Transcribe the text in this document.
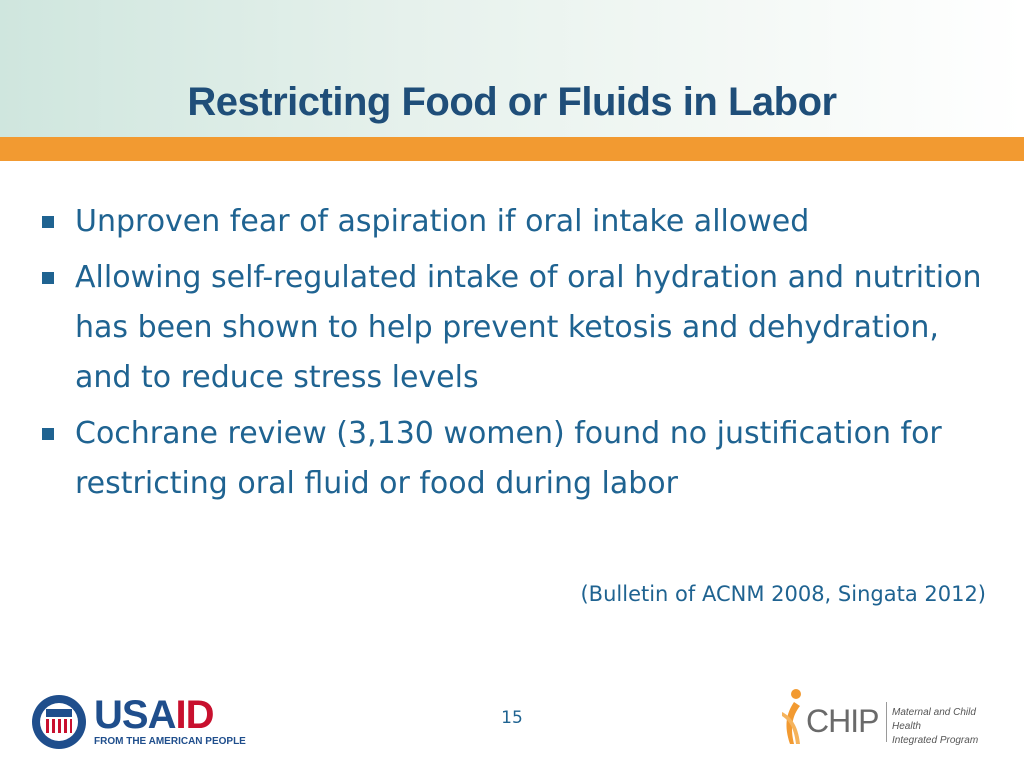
Restricting Food or Fluids in Labor
Unproven fear of aspiration if oral intake allowed
Allowing self-regulated intake of oral hydration and nutrition has been shown to help prevent ketosis and dehydration, and to reduce stress levels
Cochrane review (3,130 women) found no justification for restricting oral fluid or food during labor
(Bulletin of ACNM 2008, Singata 2012)
15
USAID
FROM THE AMERICAN PEOPLE
CHIP Maternal and Child Health
Integrated Program
